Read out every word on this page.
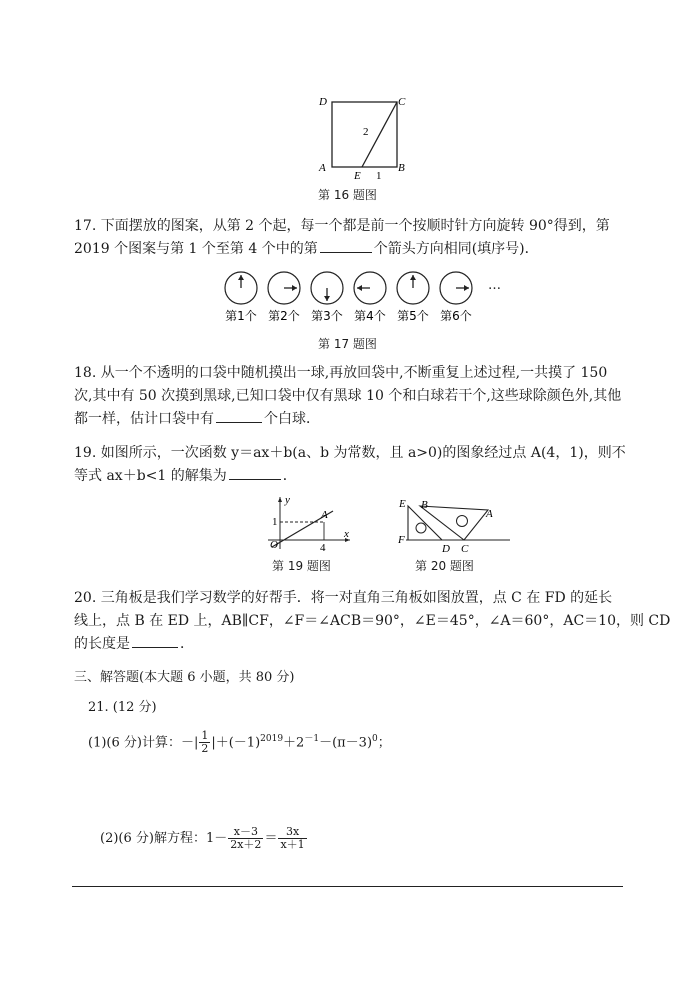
D	C
A	B
E
2
1
第 16 题图
17. 下面摆放的图案，从第 2 个起，每一个都是前一个按顺时针方向旋转 90°得到，第
2019 个图案与第 1 个至第 4 个中的第	个箭头方向相同(填序号)．
第1个 第2个 第3个 第4个 第5个 第6个
…
第 17 题图
18. 从一个不透明的口袋中随机摸出一球,再放回袋中,不断重复上述过程,一共摸了 150
次,其中有 50 次摸到黑球,已知口袋中仅有黑球 10 个和白球若干个,这些球除颜色外,其他
都一样，估计口袋中有	个白球．
19. 如图所示，一次函数 y＝ax＋b(a、b 为常数，且 a>0)的图象经过点 A(4，1)，则不
等式 ax＋b<1 的解集为	．
y
x
O
A
1
4
第 19 题图
E B
A
F
D C
第 20 题图
20. 三角板是我们学习数学的好帮手．将一对直角三角板如图放置，点 C 在 FD 的延长
线上，点 B 在 ED 上，AB∥CF，∠F＝∠ACB＝90°，∠E＝45°，∠A＝60°，AC＝10，则 CD
的长度是	．
三、解答题(本大题 6 小题，共 80 分)
21. (12 分)
(1)(6 分)计算：－| $\frac{1}{2} |+(-1)^{2019}+2^{-1}-(\pi-3)^0$；
(2)(6 分)解方程：$1- \frac{x-3}{2x+2} = \frac{3x}{x+1}$
